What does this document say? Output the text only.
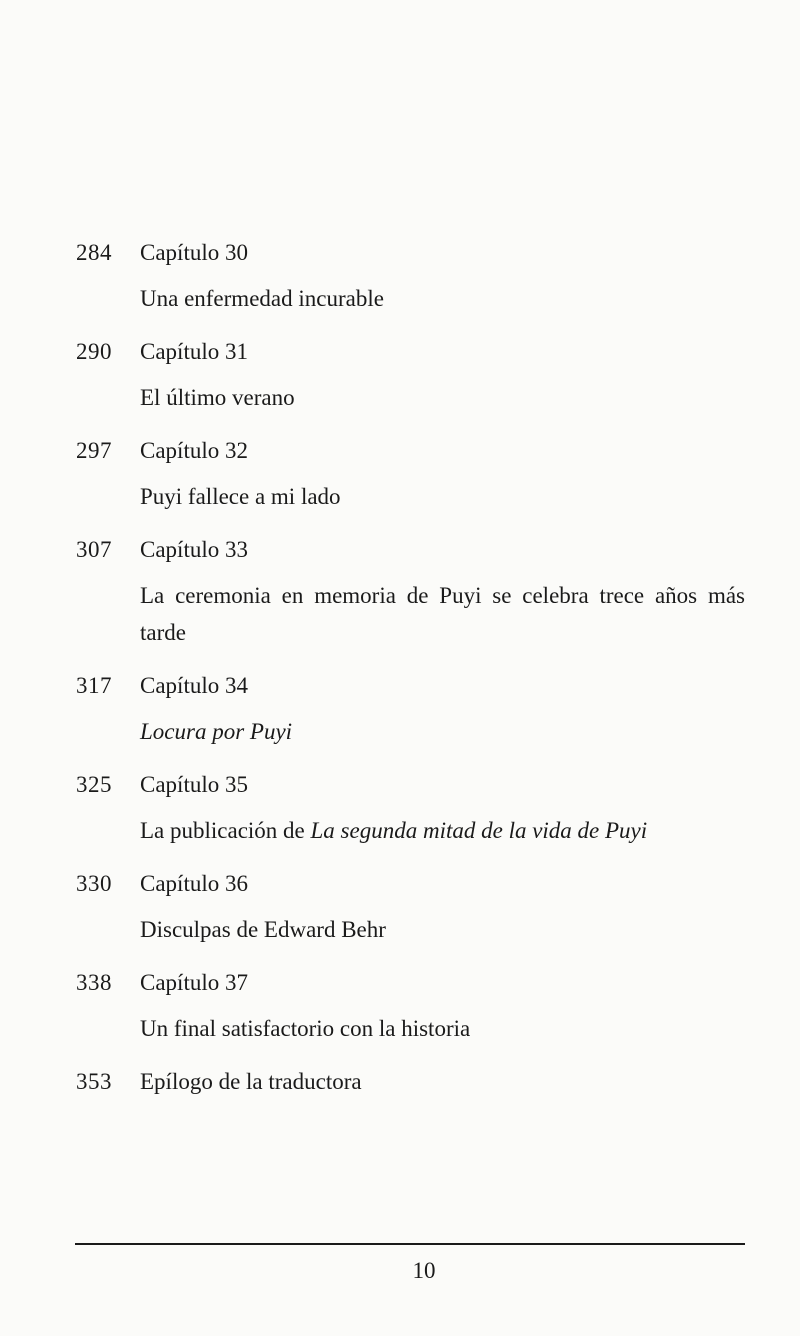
284 Capítulo 30
Una enfermedad incurable
290 Capítulo 31
El último verano
297 Capítulo 32
Puyi fallece a mi lado
307 Capítulo 33
La ceremonia en memoria de Puyi se celebra trece años más tarde
317 Capítulo 34
Locura por Puyi
325 Capítulo 35
La publicación de La segunda mitad de la vida de Puyi
330 Capítulo 36
Disculpas de Edward Behr
338 Capítulo 37
Un final satisfactorio con la historia
353 Epílogo de la traductora
10
